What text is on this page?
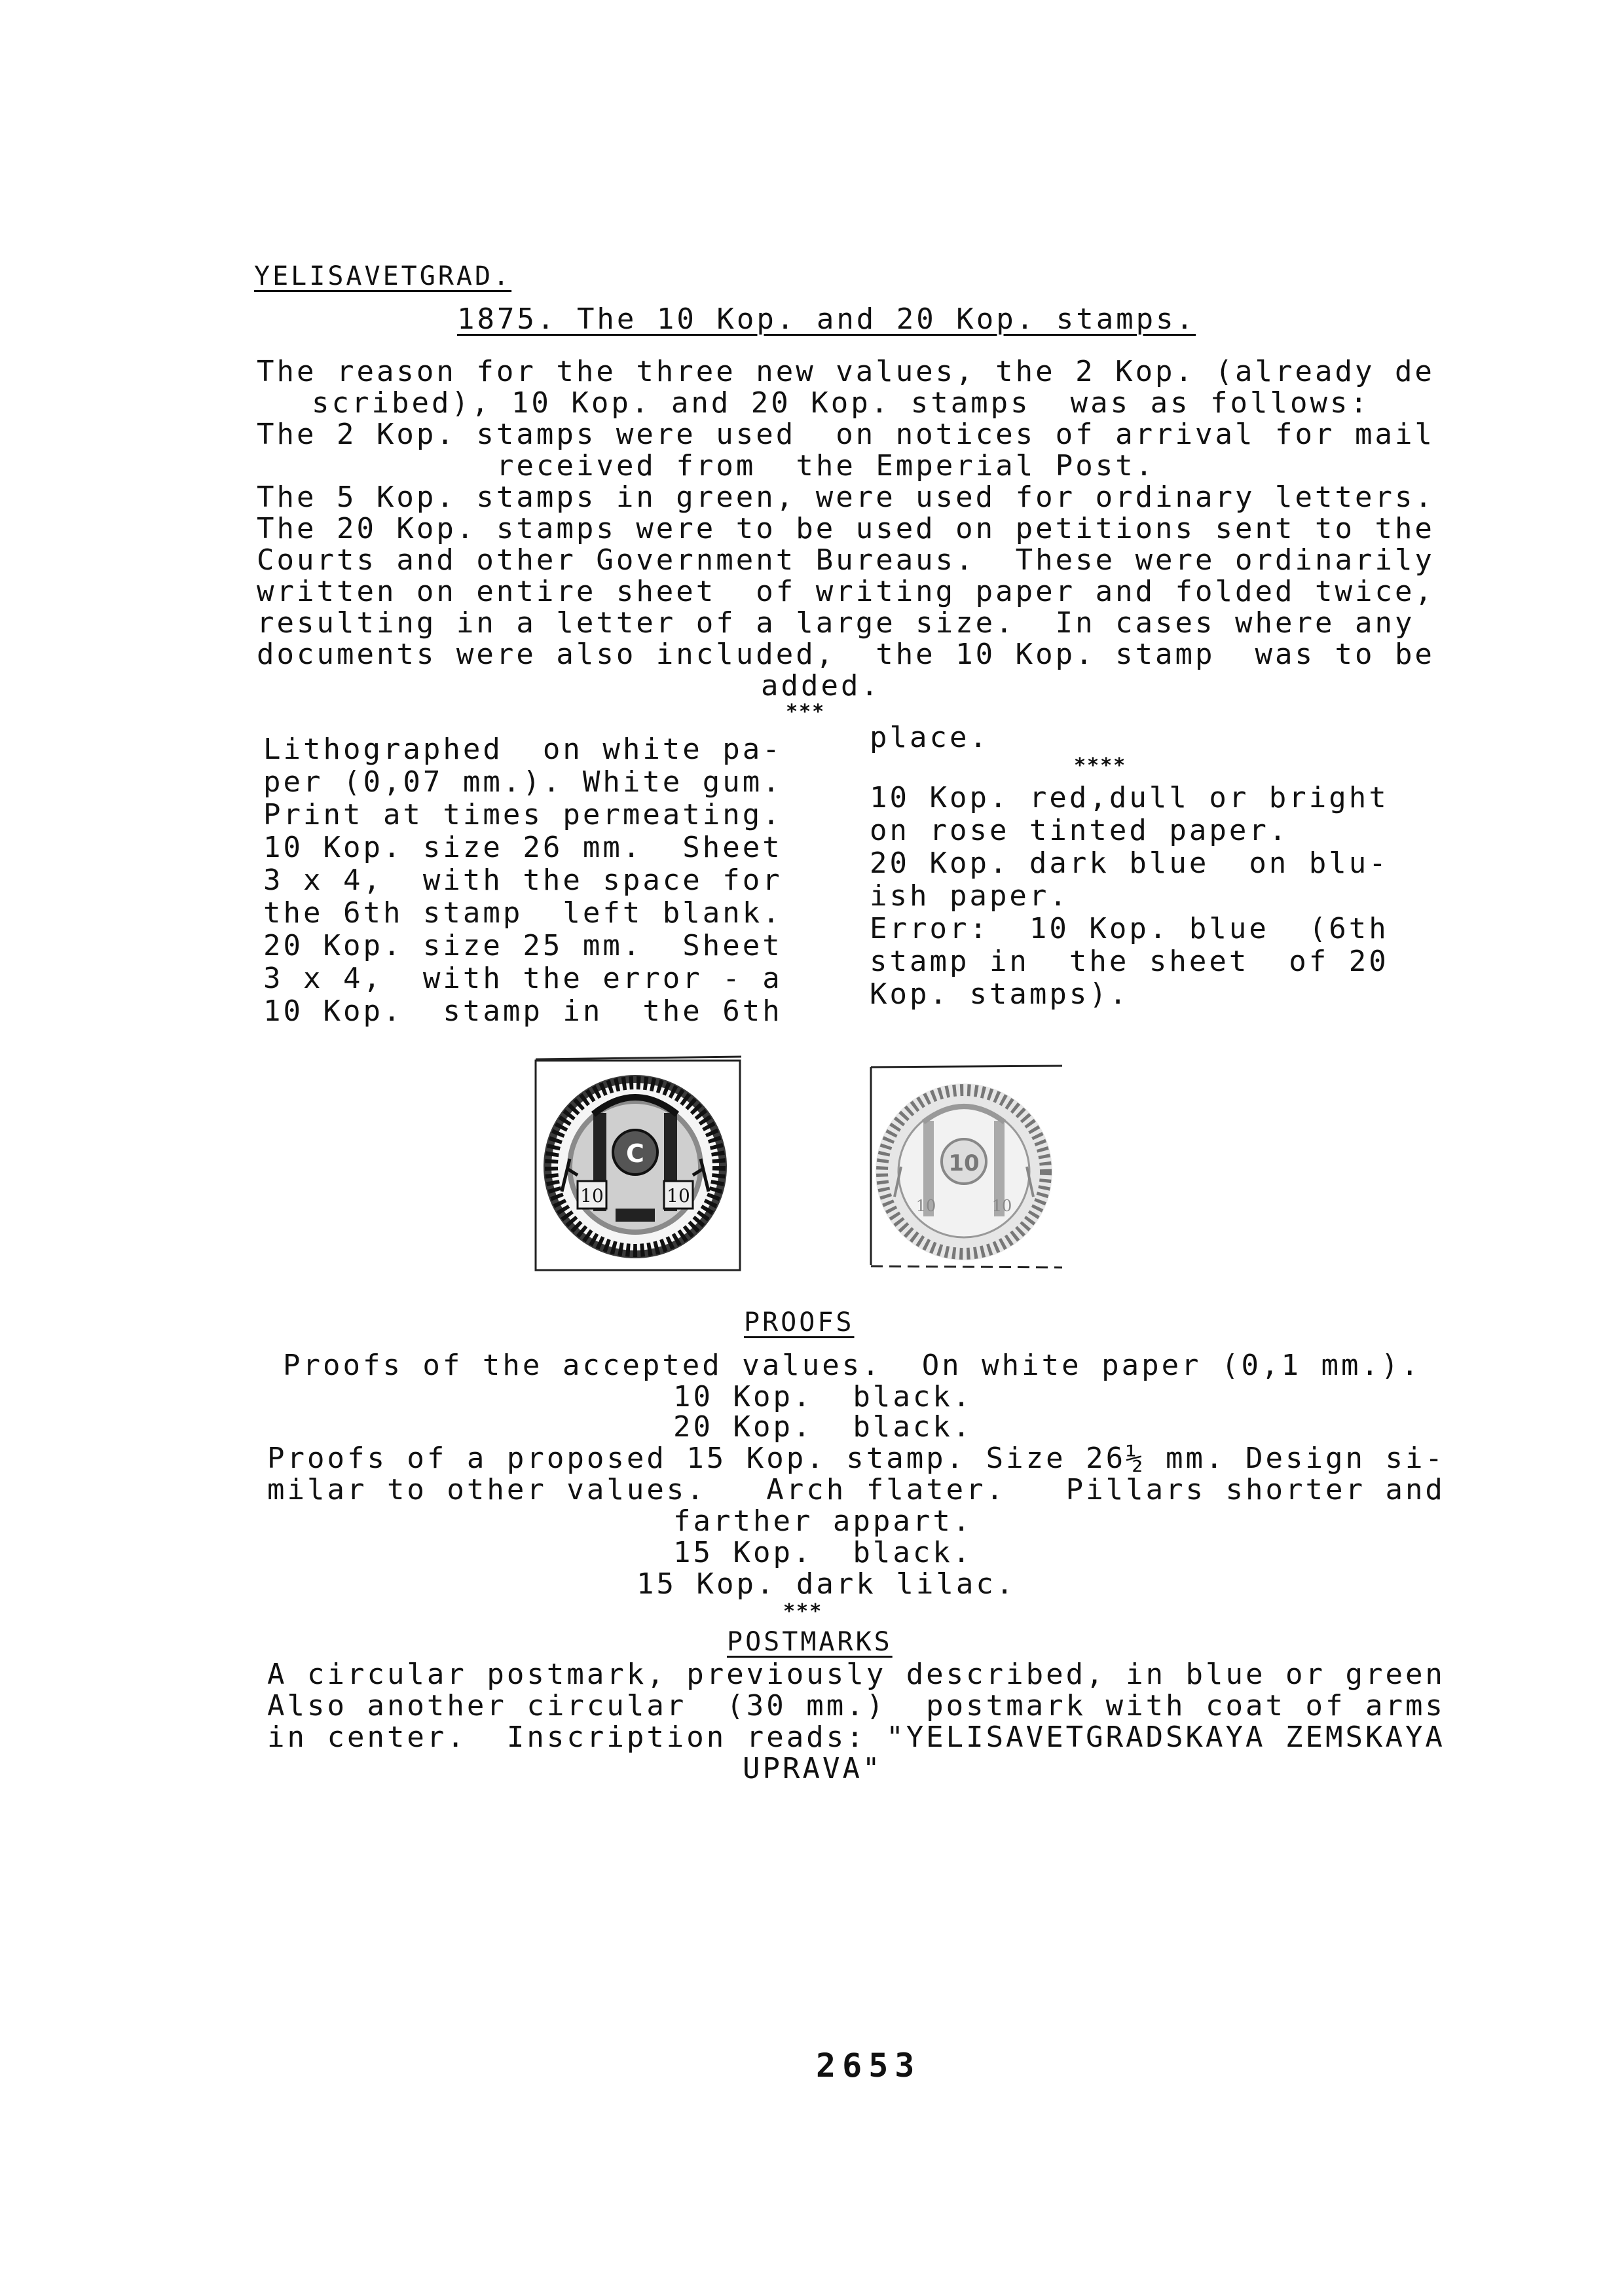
YELISAVETGRAD.
1875. The 10 Kop. and 20 Kop. stamps.
The reason for the three new values, the 2 Kop. (already de
scribed), 10 Kop. and 20 Kop. stamps  was as follows:
The 2 Kop. stamps were used  on notices of arrival for mail
received from  the Emperial Post.
The 5 Kop. stamps in green, were used for ordinary letters.
The 20 Kop. stamps were to be used on petitions sent to the
Courts and other Government Bureaus.  These were ordinarily
written on entire sheet  of writing paper and folded twice,
resulting in a letter of a large size.  In cases where any
documents were also included,  the 10 Kop. stamp  was to be
added.
***
Lithographed  on white pa-
per (0,07 mm.). White gum.
Print at times permeating.
10 Kop. size 26 mm.  Sheet
3 x 4,  with the space for
the 6th stamp  left blank.
20 Kop. size 25 mm.  Sheet
3 x 4,  with the error - a
10 Kop.  stamp in  the 6th
place.
****
10 Kop. red,dull or bright
on rose tinted paper.
20 Kop. dark blue  on blu-
ish paper.
Error:  10 Kop. blue  (6th
stamp in  the sheet  of 20
Kop. stamps).
C
10	10
10
10	10
PROOFS
Proofs of the accepted values.  On white paper (0,1 mm.).
10 Kop.  black.
20 Kop.  black.
Proofs of a proposed 15 Kop. stamp. Size 26½ mm. Design si-
milar to other values.   Arch flater.   Pillars shorter and
farther appart.
15 Kop.  black.
15 Kop. dark lilac.
***
POSTMARKS
A circular postmark, previously described, in blue or green
Also another circular  (30 mm.)  postmark with coat of arms
in center.  Inscription reads: "YELISAVETGRADSKAYA ZEMSKAYA
UPRAVA"
2653
